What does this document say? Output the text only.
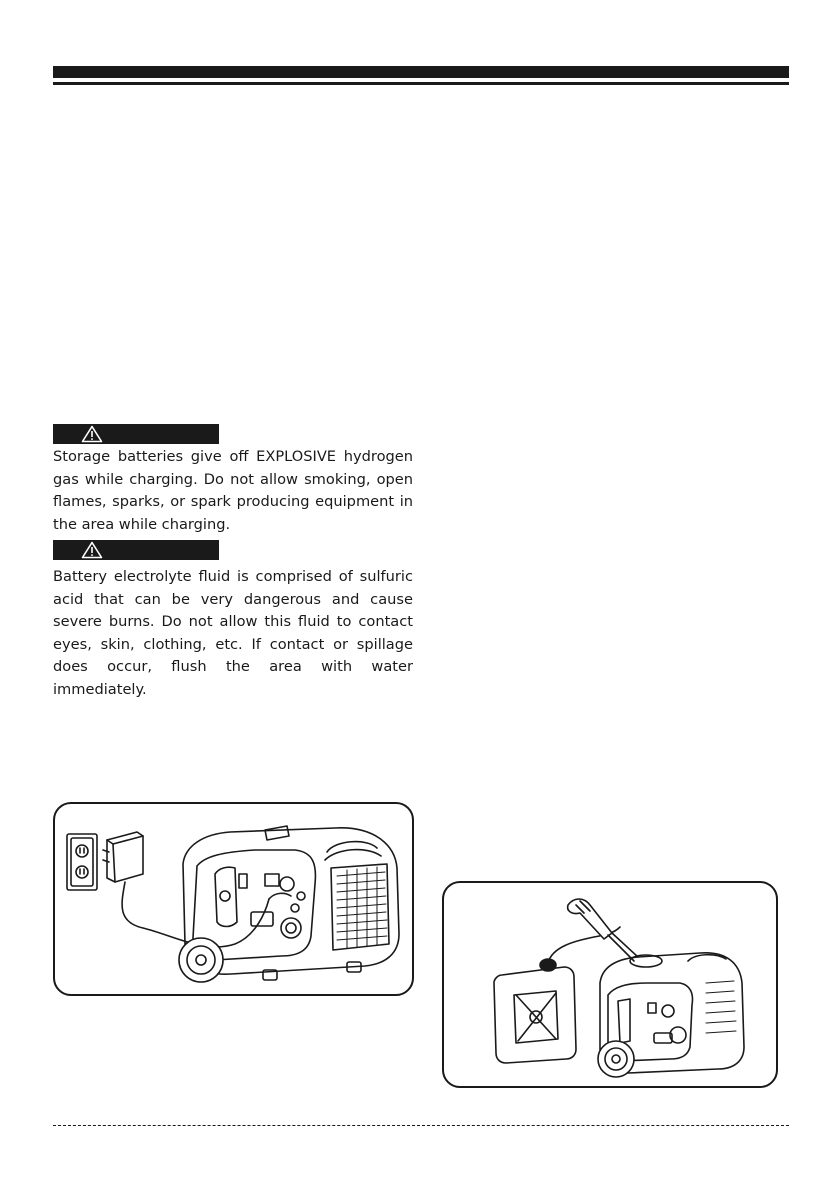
Storage batteries give off EXPLOSIVE hydrogen gas while charging. Do not allow smoking, open flames, sparks, or spark producing equipment in the area while charging.

Battery electrolyte fluid is comprised of sulfuric acid that can be very dangerous and cause severe burns. Do not allow this fluid to contact eyes, skin, clothing, etc. If contact or spillage does occur, flush the area with water immediately.
